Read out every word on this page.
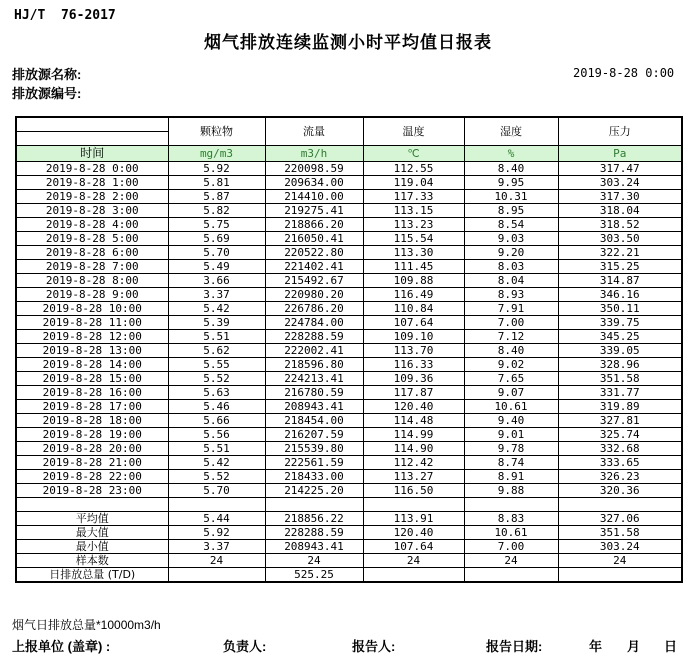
HJ/T  76-2017
烟气排放连续监测小时平均值日报表
排放源名称:
排放源编号:
2019-8-28 0:00
	颗粒物	流量	温度	湿度	压力

时间	mg/m3	m3/h	℃	%	Pa
2019-8-28 0:00	5.92	220098.59	112.55	8.40	317.47
2019-8-28 1:00	5.81	209634.00	119.04	9.95	303.24
2019-8-28 2:00	5.87	214410.00	117.33	10.31	317.30
2019-8-28 3:00	5.82	219275.41	113.15	8.95	318.04
2019-8-28 4:00	5.75	218866.20	113.23	8.54	318.52
2019-8-28 5:00	5.69	216050.41	115.54	9.03	303.50
2019-8-28 6:00	5.70	220522.80	113.30	9.20	322.21
2019-8-28 7:00	5.49	221402.41	111.45	8.03	315.25
2019-8-28 8:00	3.66	215492.67	109.88	8.04	314.87
2019-8-28 9:00	3.37	220980.20	116.49	8.93	346.16
2019-8-28 10:00	5.42	226786.20	110.84	7.91	350.11
2019-8-28 11:00	5.39	224784.00	107.64	7.00	339.75
2019-8-28 12:00	5.51	228288.59	109.10	7.12	345.25
2019-8-28 13:00	5.62	222002.41	113.70	8.40	339.05
2019-8-28 14:00	5.55	218596.80	116.33	9.02	328.96
2019-8-28 15:00	5.52	224213.41	109.36	7.65	351.58
2019-8-28 16:00	5.63	216780.59	117.87	9.07	331.77
2019-8-28 17:00	5.46	208943.41	120.40	10.61	319.89
2019-8-28 18:00	5.66	218454.00	114.48	9.40	327.81
2019-8-28 19:00	5.56	216207.59	114.99	9.01	325.74
2019-8-28 20:00	5.51	215539.80	114.90	9.78	332.68
2019-8-28 21:00	5.42	222561.59	112.42	8.74	333.65
2019-8-28 22:00	5.52	218433.00	113.27	8.91	326.23
2019-8-28 23:00	5.70	214225.20	116.50	9.88	320.36

平均值	5.44	218856.22	113.91	8.83	327.06
最大值	5.92	228288.59	120.40	10.61	351.58
最小值	3.37	208943.41	107.64	7.00	303.24
样本数	24	24	24	24	24
日排放总量 (T/D)		525.25			
烟气日排放总量*10000m3/h
上报单位 (盖章) :	负责人:	报告人:	报告日期:	年 月 日
